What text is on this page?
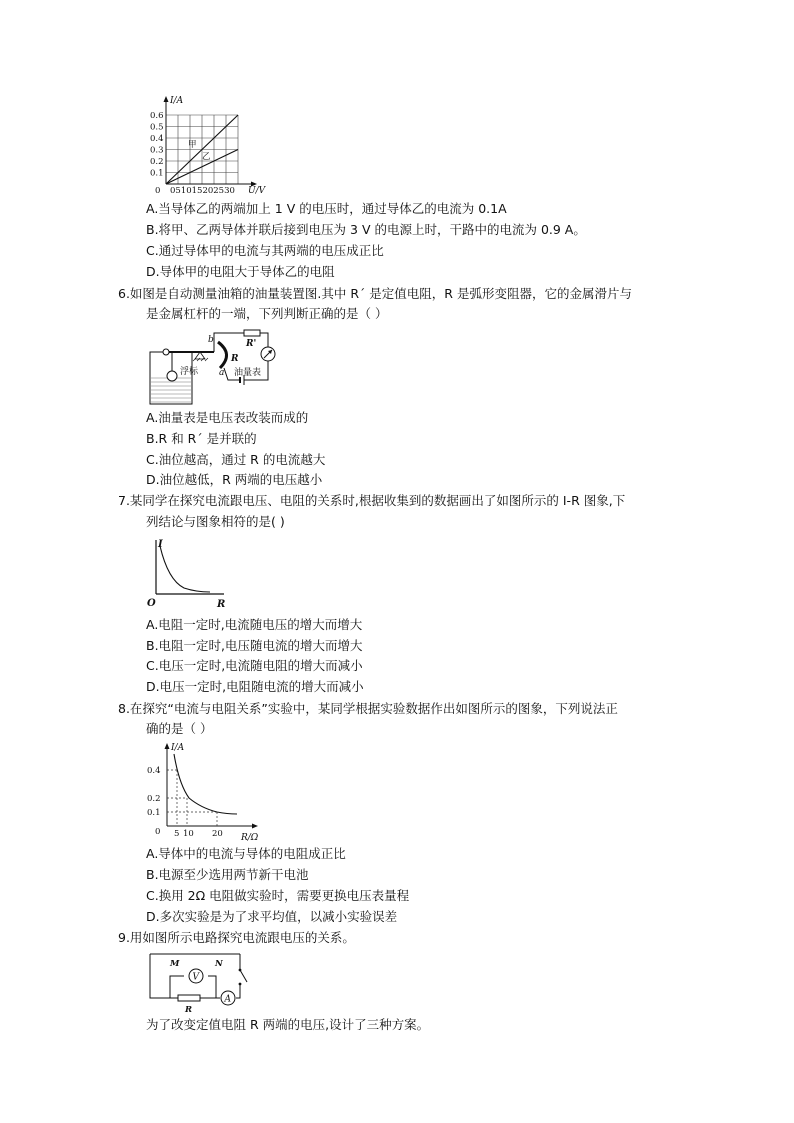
甲
乙
I/A
U/V
0
0.6
0.5
0.4
0.3
0.2
0.1
051015202530
A.当导体乙的两端加上 1 V 的电压时，通过导体乙的电流为 0.1A
B.将甲、乙两导体并联后接到电压为 3 V 的电源上时，干路中的电流为 0.9 A。
C.通过导体甲的电流与其两端的电压成正比
D.导体甲的电阻大于导体乙的电阻
6.如图是自动测量油箱的油量装置图.其中 R´ 是定值电阻，R 是弧形变阻器，它的金属滑片与
是金属杠杆的一端，下列判断正确的是（ ）
浮标
b
R
a
R'
油量表
A.油量表是电压表改装而成的
B.R 和 R´ 是并联的
C.油位越高，通过 R 的电流越大
D.油位越低，R 两端的电压越小
7.某同学在探究电流跟电压、电阻的关系时,根据收集到的数据画出了如图所示的 I-R 图象,下
列结论与图象相符的是( )
I
R
O
A.电阻一定时,电流随电压的增大而增大
B.电阻一定时,电压随电流的增大而增大
C.电压一定时,电流随电阻的增大而减小
D.电压一定时,电阻随电流的增大而减小
8.在探究“电流与电阻关系”实验中，某同学根据实验数据作出如图所示的图象，下列说法正
确的是（ ）
I/A
R/Ω
0
0.4
0.2
0.1
5 10 20
A.导体中的电流与导体的电阻成正比
B.电源至少选用两节新干电池
C.换用 2Ω 电阻做实验时，需要更换电压表量程
D.多次实验是为了求平均值，以减小实验误差
9.用如图所示电路探究电流跟电压的关系。
A
R
V
M	N
为了改变定值电阻 R 两端的电压,设计了三种方案。
